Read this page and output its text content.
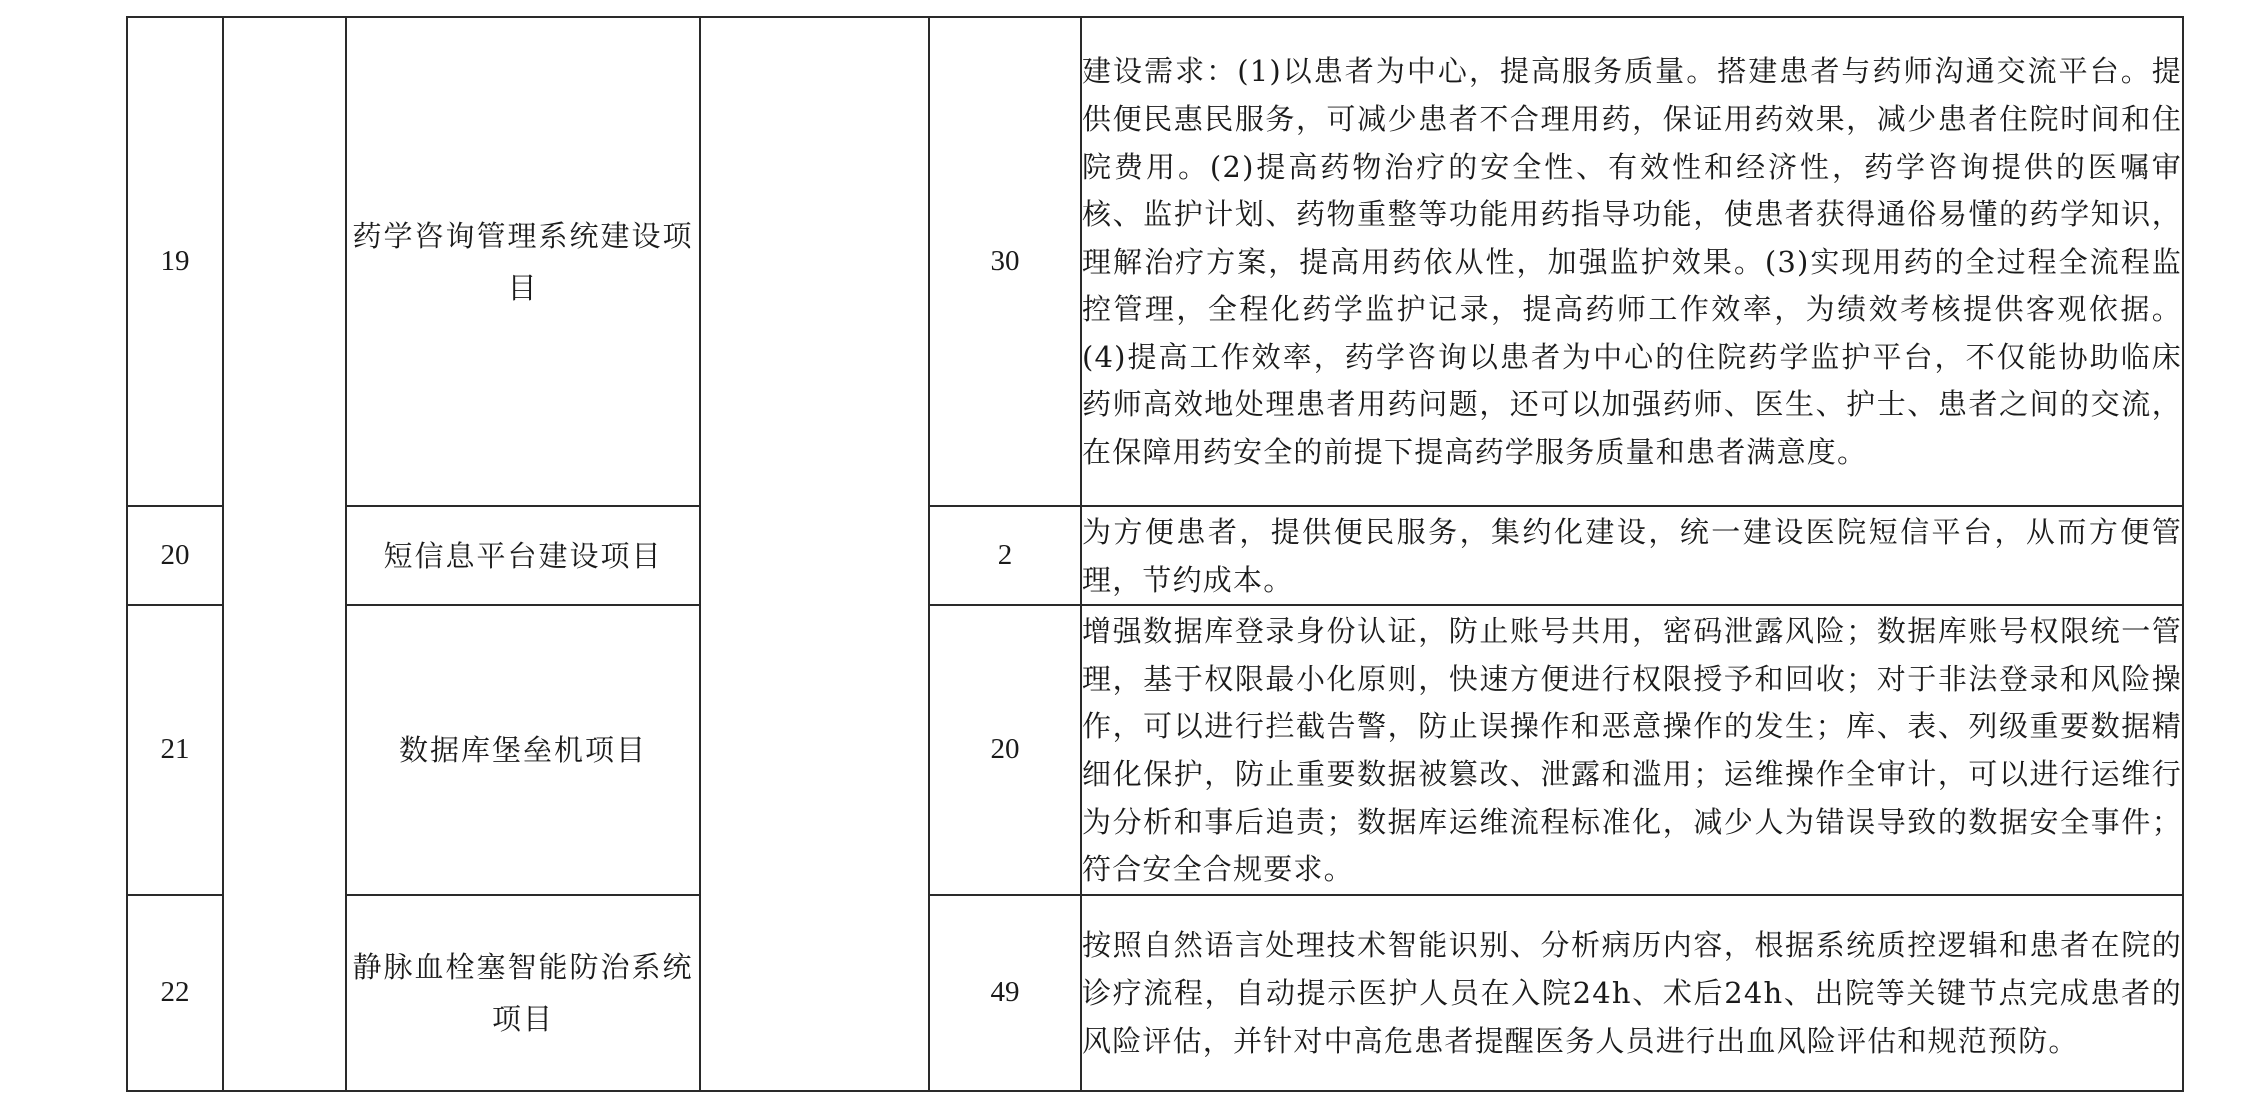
19		药学咨询管理系统建设项目		30	建设需求：(1)以患者为中心，提高服务质量。搭建患者与药师沟通交流平台。提供便民惠民服务，可减少患者不合理用药，保证用药效果，减少患者住院时间和住院费用。(2)提高药物治疗的安全性、有效性和经济性，药学咨询提供的医嘱审核、监护计划、药物重整等功能用药指导功能，使患者获得通俗易懂的药学知识，理解治疗方案，提高用药依从性，加强监护效果。(3)实现用药的全过程全流程监控管理，全程化药学监护记录，提高药师工作效率，为绩效考核提供客观依据。(4)提高工作效率，药学咨询以患者为中心的住院药学监护平台，不仅能协助临床药师高效地处理患者用药问题，还可以加强药师、医生、护士、患者之间的交流，在保障用药安全的前提下提高药学服务质量和患者满意度。

20		短信息平台建设项目		2	为方便患者，提供便民服务，集约化建设，统一建设医院短信平台，从而方便管理，节约成本。

21		数据库堡垒机项目		20	增强数据库登录身份认证，防止账号共用，密码泄露风险；数据库账号权限统一管理，基于权限最小化原则，快速方便进行权限授予和回收；对于非法登录和风险操作，可以进行拦截告警，防止误操作和恶意操作的发生；库、表、列级重要数据精细化保护，防止重要数据被篡改、泄露和滥用；运维操作全审计，可以进行运维行为分析和事后追责；数据库运维流程标准化，减少人为错误导致的数据安全事件；符合安全合规要求。

22		静脉血栓塞智能防治系统项目		49	按照自然语言处理技术智能识别、分析病历内容，根据系统质控逻辑和患者在院的诊疗流程，自动提示医护人员在入院24h、术后24h、出院等关键节点完成患者的风险评估，并针对中高危患者提醒医务人员进行出血风险评估和规范预防。
